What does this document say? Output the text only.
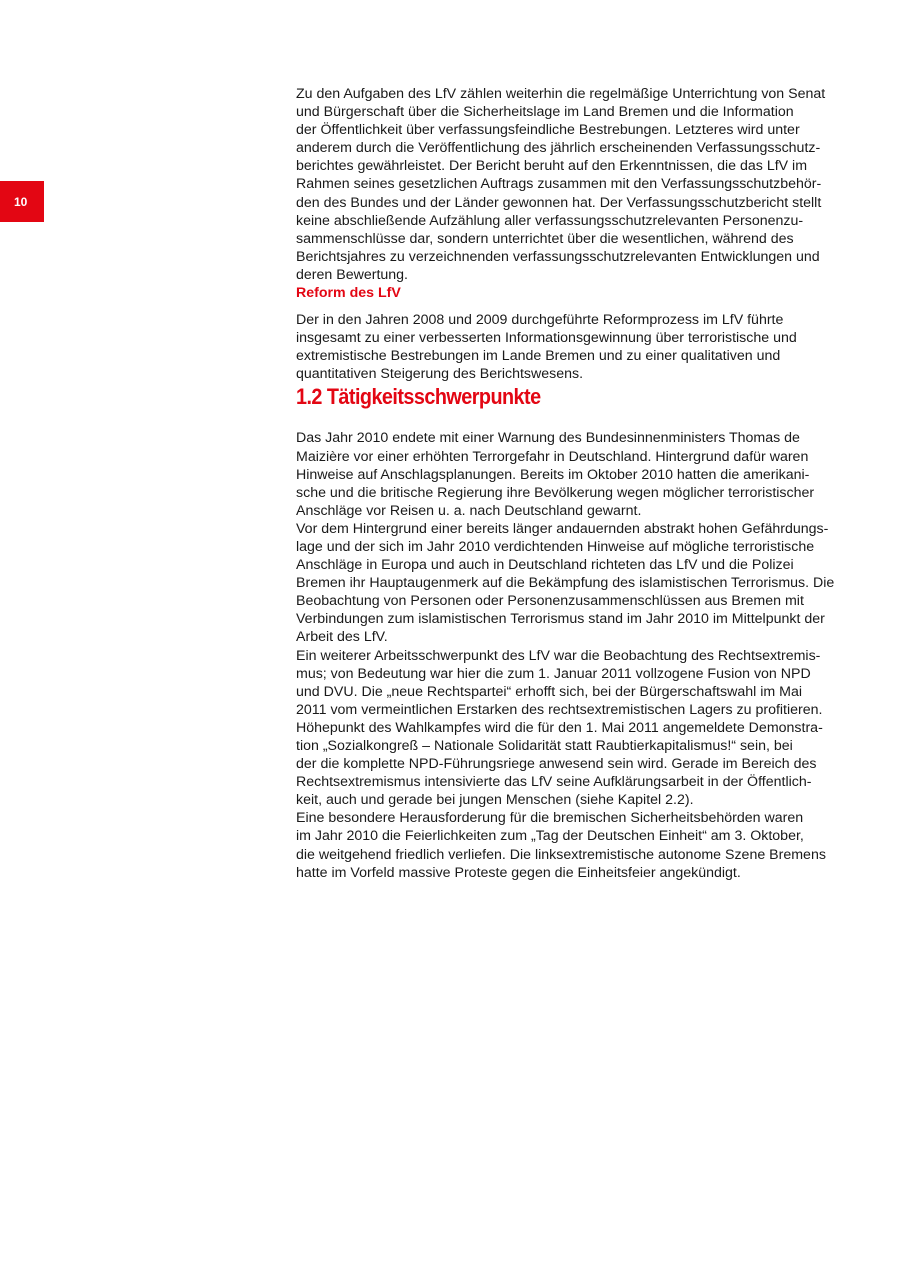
10

Zu den Aufgaben des LfV zählen weiterhin die regelmäßige Unterrichtung von Senat
und Bürgerschaft über die Sicherheitslage im Land Bremen und die Information
der Öffentlichkeit über verfassungsfeindliche Bestrebungen. Letzteres wird unter
anderem durch die Veröffentlichung des jährlich erscheinenden Verfassungsschutz-
berichtes gewährleistet. Der Bericht beruht auf den Erkenntnissen, die das LfV im
Rahmen seines gesetzlichen Auftrags zusammen mit den Verfassungsschutzbehör-
den des Bundes und der Länder gewonnen hat. Der Verfassungsschutzbericht stellt
keine abschließende Aufzählung aller verfassungsschutzrelevanten Personenzu-
sammenschlüsse dar, sondern unterrichtet über die wesentlichen, während des
Berichtsjahres zu verzeichnenden verfassungsschutzrelevanten Entwicklungen und
deren Bewertung.

Reform des LfV

Der in den Jahren 2008 und 2009 durchgeführte Reformprozess im LfV führte
insgesamt zu einer verbesserten Informationsgewinnung über terroristische und
extremistische Bestrebungen im Lande Bremen und zu einer qualitativen und
quantitativen Steigerung des Berichtswesens.

1.2 Tätigkeitsschwerpunkte

Das Jahr 2010 endete mit einer Warnung des Bundesinnenministers Thomas de
Maizière vor einer erhöhten Terrorgefahr in Deutschland. Hintergrund dafür waren
Hinweise auf Anschlagsplanungen. Bereits im Oktober 2010 hatten die amerikani-
sche und die britische Regierung ihre Bevölkerung wegen möglicher terroristischer
Anschläge vor Reisen u. a. nach Deutschland gewarnt.

Vor dem Hintergrund einer bereits länger andauernden abstrakt hohen Gefährdungs-
lage und der sich im Jahr 2010 verdichtenden Hinweise auf mögliche terroristische
Anschläge in Europa und auch in Deutschland richteten das LfV und die Polizei
Bremen ihr Hauptaugenmerk auf die Bekämpfung des islamistischen Terrorismus. Die
Beobachtung von Personen oder Personenzusammenschlüssen aus Bremen mit
Verbindungen zum islamistischen Terrorismus stand im Jahr 2010 im Mittelpunkt der
Arbeit des LfV.

Ein weiterer Arbeitsschwerpunkt des LfV war die Beobachtung des Rechtsextremis-
mus; von Bedeutung war hier die zum 1. Januar 2011 vollzogene Fusion von NPD
und DVU. Die „neue Rechtspartei“ erhofft sich, bei der Bürgerschaftswahl im Mai
2011 vom vermeintlichen Erstarken des rechtsextremistischen Lagers zu profitieren.
Höhepunkt des Wahlkampfes wird die für den 1. Mai 2011 angemeldete Demonstra-
tion „Sozialkongreß – Nationale Solidarität statt Raubtierkapitalismus!“ sein, bei
der die komplette NPD-Führungsriege anwesend sein wird. Gerade im Bereich des
Rechtsextremismus intensivierte das LfV seine Aufklärungsarbeit in der Öffentlich-
keit, auch und gerade bei jungen Menschen (siehe Kapitel 2.2).

Eine besondere Herausforderung für die bremischen Sicherheitsbehörden waren
im Jahr 2010 die Feierlichkeiten zum „Tag der Deutschen Einheit“ am 3. Oktober,
die weitgehend friedlich verliefen. Die linksextremistische autonome Szene Bremens
hatte im Vorfeld massive Proteste gegen die Einheitsfeier angekündigt.
